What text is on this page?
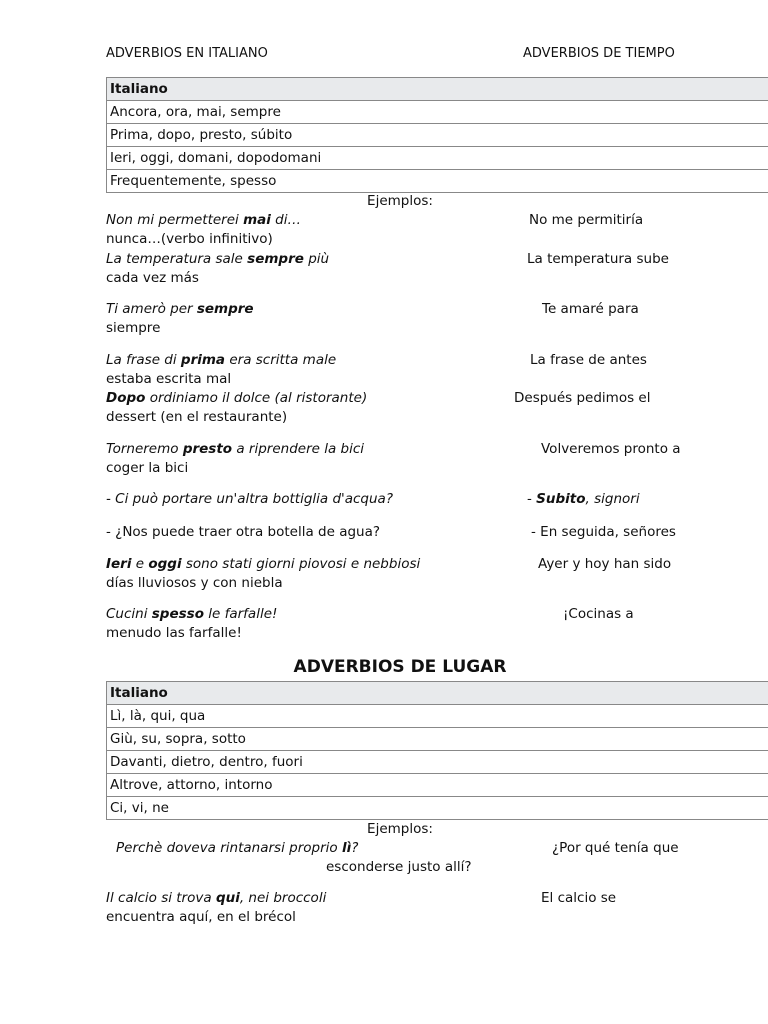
ADVERBIOS EN ITALIANO	ADVERBIOS DE TIEMPO
Italiano
Ancora, ora, mai, sempre
Prima, dopo, presto, súbito
Ieri, oggi, domani, dopodomani
Frequentemente, spesso
Ejemplos:
Non mi permetterei mai di…	No me permitiría
nunca…(verbo infinitivo)
La temperatura sale sempre più	La temperatura sube
cada vez más
Ti amerò per sempre	Te amaré para
siempre
La frase di prima era scritta male	La frase de antes
estaba escrita mal
Dopo ordiniamo il dolce (al ristorante)	Después pedimos el
dessert (en el restaurante)
Torneremo presto a riprendere la bici	Volveremos pronto a
coger la bici
- Ci può portare un'altra bottiglia d'acqua?	- Subito, signori
- ¿Nos puede traer otra botella de agua?	- En seguida, señores
Ieri e oggi sono stati giorni piovosi e nebbiosi	Ayer y hoy han sido
días lluviosos y con niebla
Cucini spesso le farfalle!	¡Cocinas a
menudo las farfalle!
ADVERBIOS DE LUGAR
Italiano
Lì, là, qui, qua
Giù, su, sopra, sotto
Davanti, dietro, dentro, fuori
Altrove, attorno, intorno
Ci, vi, ne
Ejemplos:
Perchè doveva rintanarsi proprio lì?	¿Por qué tenía que
esconderse justo allí?
Il calcio si trova qui, nei broccoli	El calcio se
encuentra aquí, en el brécol
